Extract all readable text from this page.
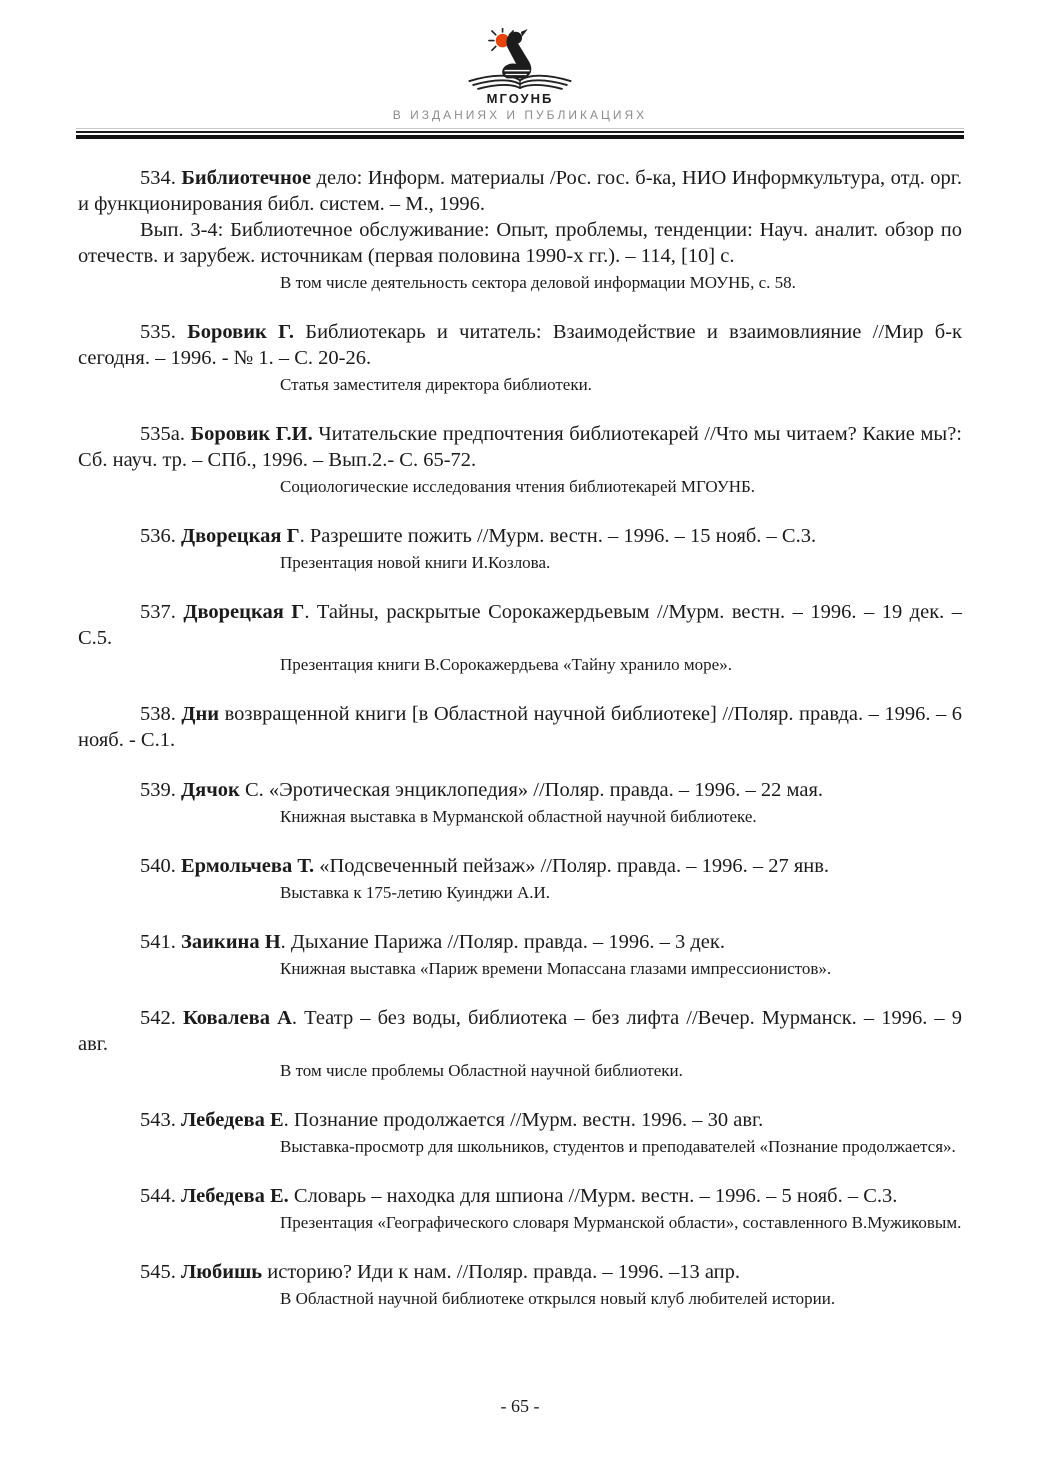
МГОУНБ
В ИЗДАНИЯХ И ПУБЛИКАЦИЯХ

534. Библиотечное дело: Информ. материалы /Рос. гос. б-ка, НИО Информкультура, отд. орг. и функционирования библ. систем. – М., 1996.

Вып. 3-4: Библиотечное обслуживание: Опыт, проблемы, тенденции: Науч. аналит. обзор по отечеств. и зарубеж. источникам (первая половина 1990-х гг.). – 114, [10] с.

В том числе деятельность сектора деловой информации МОУНБ, с. 58.

535. Боровик Г. Библиотекарь и читатель: Взаимодействие и взаимовлияние //Мир б-к сегодня. – 1996. - № 1. – С. 20-26.

Статья заместителя директора библиотеки.

535а. Боровик Г.И. Читательские предпочтения библиотекарей //Что мы читаем? Какие мы?: Сб. науч. тр. – СПб., 1996. – Вып.2.- С. 65-72.

Социологические исследования чтения библиотекарей МГОУНБ.

536. Дворецкая Г. Разрешите пожить //Мурм. вестн. – 1996. – 15 нояб. – С.3.

Презентация новой книги И.Козлова.

537. Дворецкая Г. Тайны, раскрытые Сорокажердьевым //Мурм. вестн. – 1996. – 19 дек. – С.5.

Презентация книги В.Сорокажердьева «Тайну хранило море».

538. Дни возвращенной книги [в Областной научной библиотеке] //Поляр. правда. – 1996. – 6 нояб. - С.1.

539. Дячок С. «Эротическая энциклопедия» //Поляр. правда. – 1996. – 22 мая.

Книжная выставка в Мурманской областной научной библиотеке.

540. Ермольчева Т. «Подсвеченный пейзаж» //Поляр. правда. – 1996. – 27 янв.

Выставка к 175-летию Куинджи А.И.

541. Заикина Н. Дыхание Парижа //Поляр. правда. – 1996. – 3 дек.

Книжная выставка «Париж времени Мопассана глазами импрессионистов».

542. Ковалева А. Театр – без воды, библиотека – без лифта //Вечер. Мурманск. – 1996. – 9 авг.

В том числе проблемы Областной научной библиотеки.

543. Лебедева Е. Познание продолжается //Мурм. вестн. 1996. – 30 авг.

Выставка-просмотр для школьников, студентов и преподавателей «Познание продолжается».

544. Лебедева Е. Словарь – находка для шпиона //Мурм. вестн. – 1996. – 5 нояб. – С.3.

Презентация «Географического словаря Мурманской области», составленного В.Мужиковым.

545. Любишь историю? Иди к нам. //Поляр. правда. – 1996. –13 апр.

В Областной научной библиотеке открылся новый клуб любителей истории.

- 65 -
